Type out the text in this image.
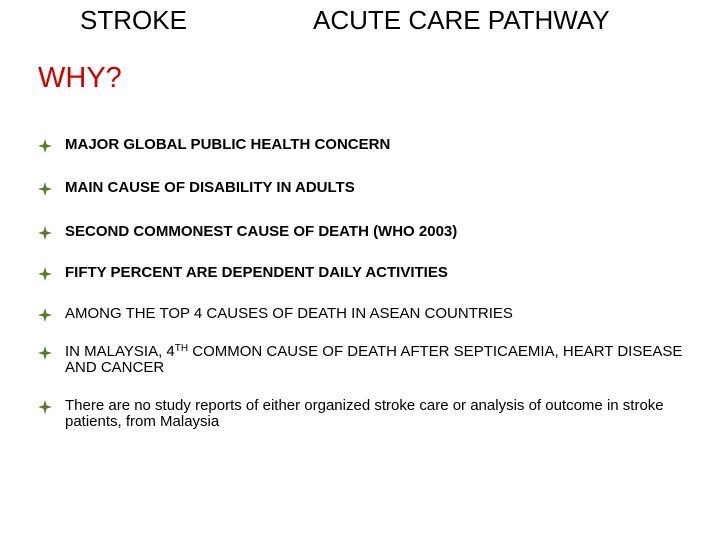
STROKE	ACUTE CARE PATHWAY
WHY?
MAJOR GLOBAL PUBLIC HEALTH CONCERN
MAIN CAUSE OF DISABILITY IN ADULTS
SECOND COMMONEST CAUSE OF DEATH (WHO 2003)
FIFTY PERCENT ARE DEPENDENT DAILY ACTIVITIES
AMONG THE TOP 4 CAUSES OF DEATH IN ASEAN COUNTRIES
IN MALAYSIA, 4TH COMMON CAUSE OF DEATH AFTER SEPTICAEMIA, HEART DISEASE AND CANCER
There are no study reports of either organized stroke care or analysis of outcome in stroke patients, from Malaysia
